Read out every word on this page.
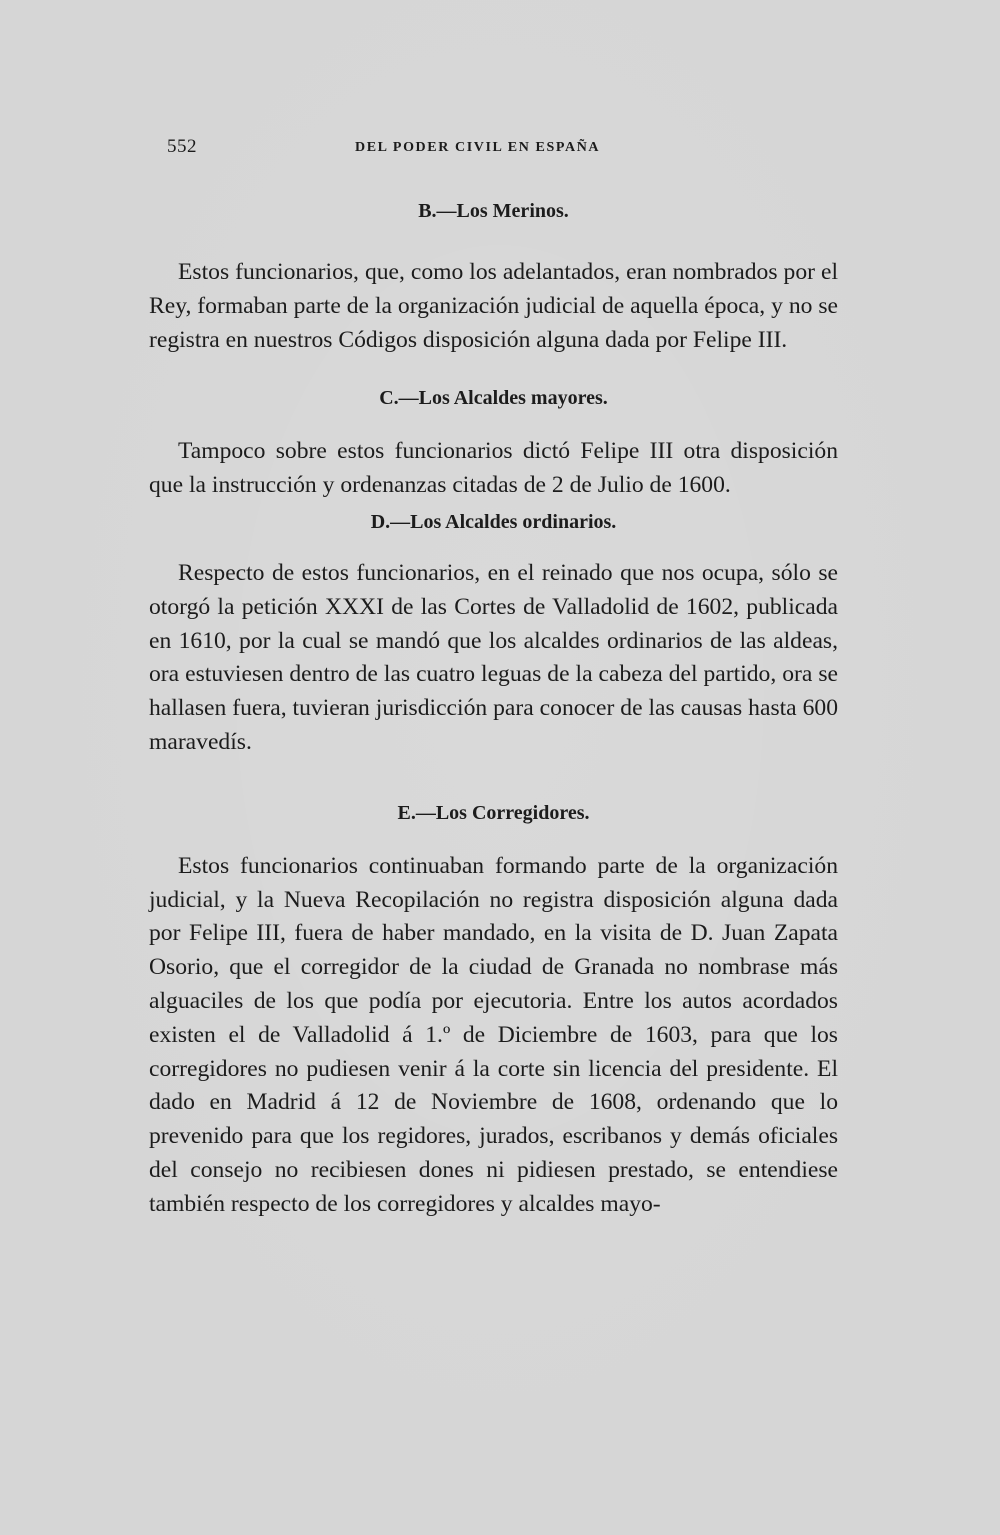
552	DEL PODER CIVIL EN ESPAÑA
B.—Los Merinos.

Estos funcionarios, que, como los adelantados, eran nombrados por el Rey, formaban parte de la organización judicial de aquella época, y no se registra en nuestros Códigos disposición alguna dada por Felipe III.

C.—Los Alcaldes mayores.

Tampoco sobre estos funcionarios dictó Felipe III otra disposición que la instrucción y ordenanzas citadas de 2 de Julio de 1600.

D.—Los Alcaldes ordinarios.

Respecto de estos funcionarios, en el reinado que nos ocupa, sólo se otorgó la petición XXXI de las Cortes de Valladolid de 1602, publicada en 1610, por la cual se mandó que los alcaldes ordinarios de las aldeas, ora estuviesen dentro de las cuatro leguas de la cabeza del partido, ora se hallasen fuera, tuvieran jurisdicción para conocer de las causas hasta 600 maravedís.

E.—Los Corregidores.

Estos funcionarios continuaban formando parte de la organización judicial, y la Nueva Recopilación no registra disposición alguna dada por Felipe III, fuera de haber mandado, en la visita de D. Juan Zapata Osorio, que el corregidor de la ciudad de Granada no nombrase más alguaciles de los que podía por ejecutoria. Entre los autos acordados existen el de Valladolid á 1.º de Diciembre de 1603, para que los corregidores no pudiesen venir á la corte sin licencia del presidente. El dado en Madrid á 12 de Noviembre de 1608, ordenando que lo prevenido para que los regidores, jurados, escribanos y demás oficiales del consejo no recibiesen dones ni pidiesen prestado, se entendiese también respecto de los corregidores y alcaldes mayo-
